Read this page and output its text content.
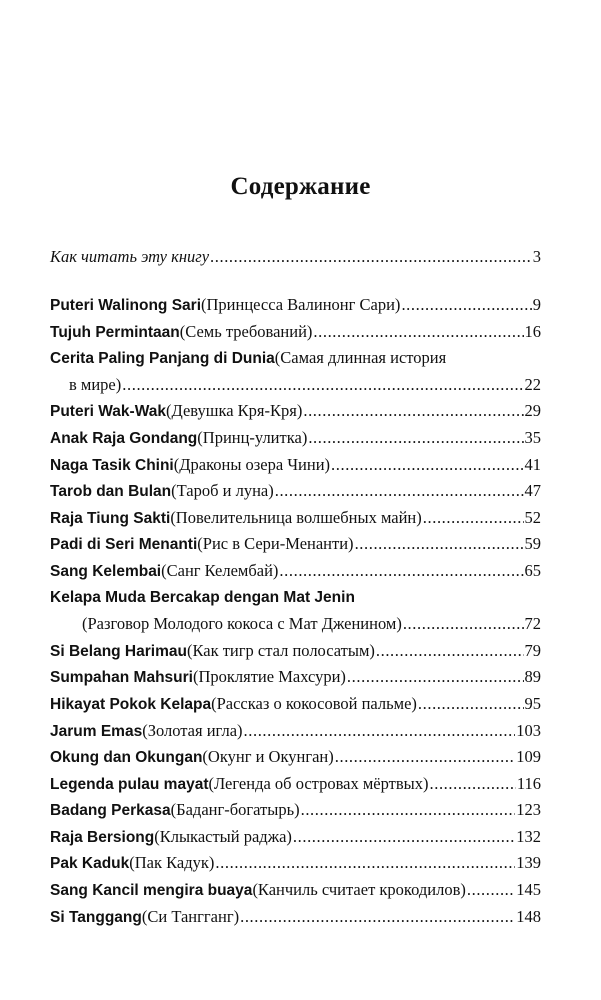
Содержание
Как читать эту книгу .....	3
Puteri Walinong Sari (Принцесса Валинонг Сари) .....	9
Tujuh Permintaan (Семь требований) .....	16
Cerita Paling Panjang di Dunia (Самая длинная история
в мире) .....	22
Puteri Wak-Wak (Девушка Кря-Кря) .....	29
Anak Raja Gondang (Принц-улитка) .....	35
Naga Tasik Chini (Драконы озера Чини) .....	41
Tarob dan Bulan (Тароб и луна) .....	47
Raja Tiung Sakti (Повелительница волшебных майн) .....	52
Padi di Seri Menanti (Рис в Сери-Менанти) .....	59
Sang Kelembai (Санг Келембай) .....	65
Kelapa Muda Bercakap dengan Mat Jenin
(Разговор Молодого кокоса с Мат Дженином) .....	72
Si Belang Harimau (Как тигр стал полосатым) .....	79
Sumpahan Mahsuri (Проклятие Махсури) .....	89
Hikayat Pokok Kelapa (Рассказ о кокосовой пальме) .....	95
Jarum Emas (Золотая игла) .....	103
Okung dan Okungan (Окунг и Окунган) .....	109
Legenda pulau mayat (Легенда об островах мёртвых) .....	116
Badang Perkasa (Баданг-богатырь) .....	123
Raja Bersiong (Клыкастый раджа) .....	132
Pak Kaduk (Пак Кадук) .....	139
Sang Kancil mengira buaya (Канчиль считает крокодилов) .....	145
Si Tanggang (Си Тангганг) .....	148
